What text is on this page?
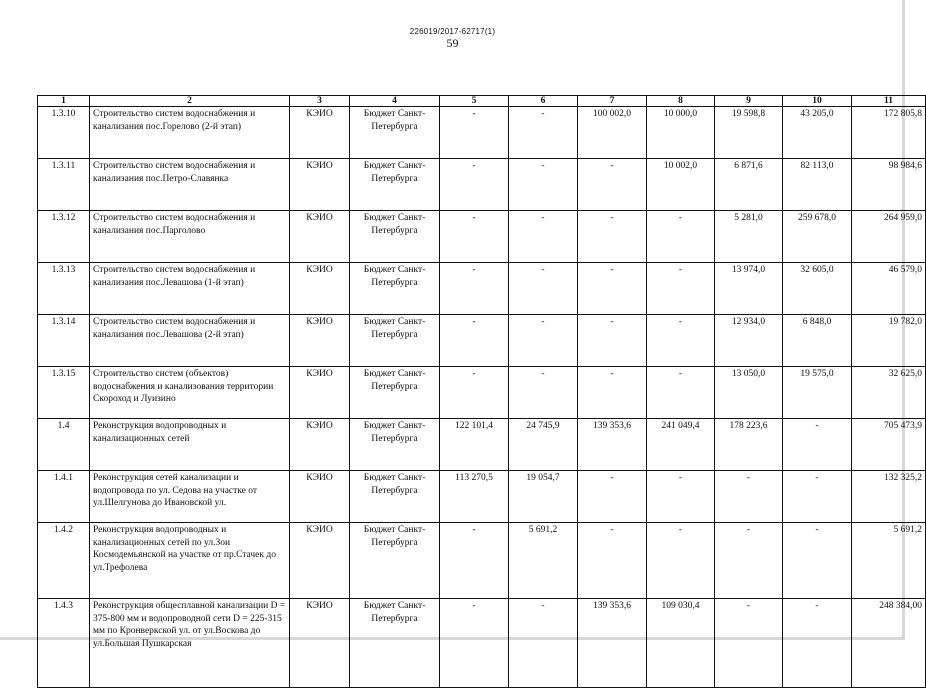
226019/2017-62717(1)
59
1	2	3	4	5	6	7	8	9	10	11
1.3.10	Строительство систем водоснабжения и канализания пос.Горелово (2-й этап)	КЭИО	Бюджет Санкт-Петербурга	-	-	100 002,0	10 000,0	19 598,8	43 205,0	172 805,8
1.3.11	Строительство систем водоснабжения и канализания пос.Петро-Славянка	КЭИО	Бюджет Санкт-Петербурга	-	-	-	10 002,0	6 871,6	82 113,0	98 984,6
1.3.12	Строительство систем водоснабжения и канализания пос.Парголово	КЭИО	Бюджет Санкт-Петербурга	-	-	-	-	5 281,0	259 678,0	264 959,0
1.3.13	Строительство систем водоснабжения и канализания пос.Левашова (1-й этап)	КЭИО	Бюджет Санкт-Петербурга	-	-	-	-	13 974,0	32 605,0	46 579,0
1.3.14	Строительство систем водоснабжения и канализания пос.Левашова (2-й этап)	КЭИО	Бюджет Санкт-Петербурга	-	-	-	-	12 934,0	6 848,0	19 782,0
1.3.15	Строительство систем (объектов) водоснабжения и канализования территории Скороход и Луизино	КЭИО	Бюджет Санкт-Петербурга	-	-	-	-	13 050,0	19 575,0	32 625,0
1.4	Реконструкция водопроводных и канализационных сетей	КЭИО	Бюджет Санкт-Петербурга	122 101,4	24 745,9	139 353,6	241 049,4	178 223,6	-	705 473,9
1.4.1	Реконструкция сетей канализации и водопровода по ул. Седова на участке от ул.Шелгунова до Ивановской ул.	КЭИО	Бюджет Санкт-Петербурга	113 270,5	19 054,7	-	-	-	-	132 325,2
1.4.2	Реконструкция водопроводных и канализационных сетей по ул.Зои Космодемьянской на участке от пр.Стачек до ул.Трефолева	КЭИО	Бюджет Санкт-Петербурга	-	5 691,2	-	-	-	-	5 691,2
1.4.3	Реконструкция общесплавной канализации D = 375-800 мм и водопроводной сети D = 225-315 мм по Кронверкской ул. от ул.Воскова до ул.Большая Пушкарская	КЭИО	Бюджет Санкт-Петербурга	-	-	139 353,6	109 030,4	-	-	248 384,00
